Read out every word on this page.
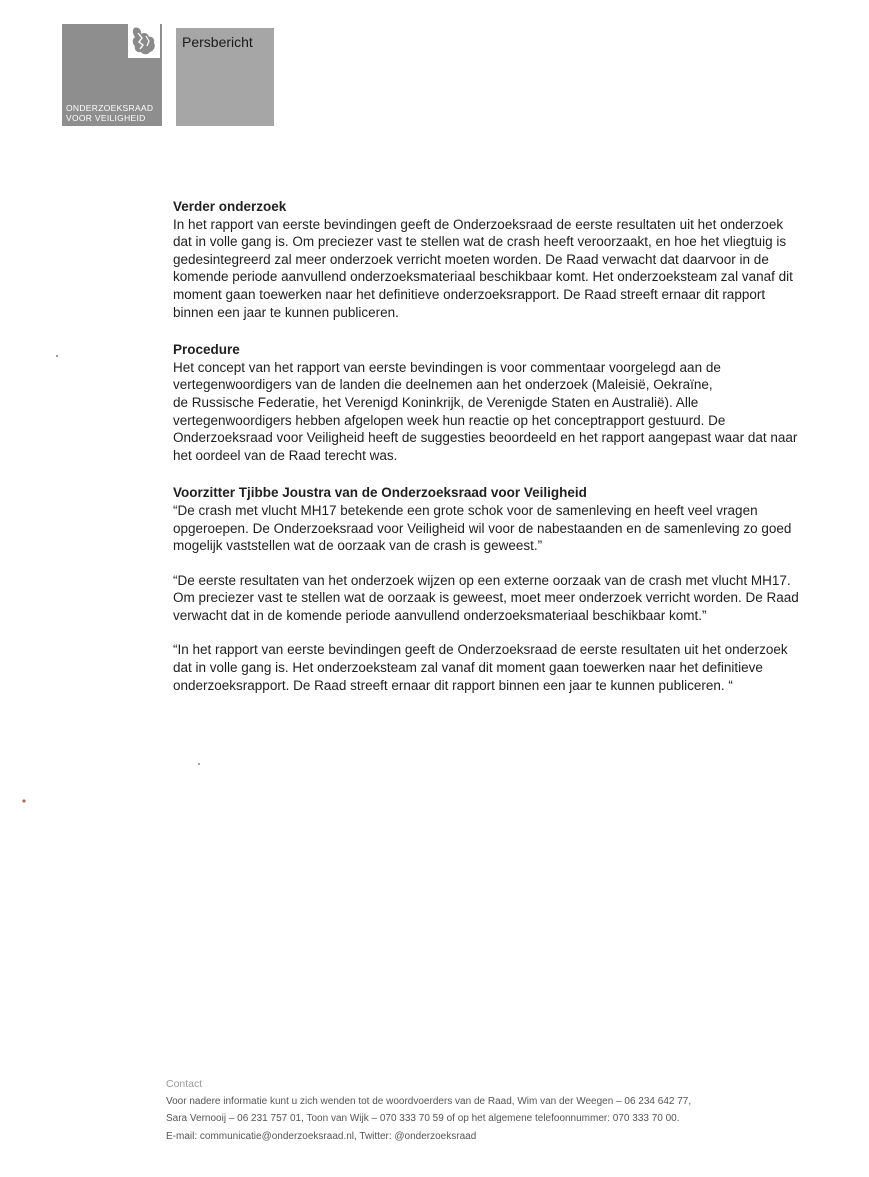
ONDERZOEKSRAAD
VOOR VEILIGHEID
Persbericht
Verder onderzoek

In het rapport van eerste bevindingen geeft de Onderzoeksraad de eerste resultaten uit het onderzoek dat in volle gang is. Om preciezer vast te stellen wat de crash heeft veroorzaakt, en hoe het vliegtuig is gedesintegreerd zal meer onderzoek verricht moeten worden. De Raad verwacht dat daarvoor in de komende periode aanvullend onderzoeksmateriaal beschikbaar komt. Het onderzoeksteam zal vanaf dit moment gaan toewerken naar het definitieve onderzoeksrapport. De Raad streeft ernaar dit rapport binnen een jaar te kunnen publiceren.

Procedure

Het concept van het rapport van eerste bevindingen is voor commentaar voorgelegd aan de vertegenwoordigers van de landen die deelnemen aan het onderzoek (Maleisië, Oekraïne,
de Russische Federatie, het Verenigd Koninkrijk, de Verenigde Staten en Australië). Alle vertegenwoordigers hebben afgelopen week hun reactie op het conceptrapport gestuurd. De Onderzoeksraad voor Veiligheid heeft de suggesties beoordeeld en het rapport aangepast waar dat naar het oordeel van de Raad terecht was.

Voorzitter Tjibbe Joustra van de Onderzoeksraad voor Veiligheid

“De crash met vlucht MH17 betekende een grote schok voor de samenleving en heeft veel vragen opgeroepen. De Onderzoeksraad voor Veiligheid wil voor de nabestaanden en de samenleving zo goed mogelijk vaststellen wat de oorzaak van de crash is geweest.”

“De eerste resultaten van het onderzoek wijzen op een externe oorzaak van de crash met vlucht MH17. Om preciezer vast te stellen wat de oorzaak is geweest, moet meer onderzoek verricht worden. De Raad verwacht dat in de komende periode aanvullend onderzoeksmateriaal beschikbaar komt.”

“In het rapport van eerste bevindingen geeft de Onderzoeksraad de eerste resultaten uit het onderzoek dat in volle gang is. Het onderzoeksteam zal vanaf dit moment gaan toewerken naar het definitieve onderzoeksrapport. De Raad streeft ernaar dit rapport binnen een jaar te kunnen publiceren. “

Contact
Voor nadere informatie kunt u zich wenden tot de woordvoerders van de Raad, Wim van der Weegen – 06 234 642 77,
Sara Vernooij – 06 231 757 01, Toon van Wijk – 070 333 70 59 of op het algemene telefoonnummer: 070 333 70 00.
E-mail: communicatie@onderzoeksraad.nl, Twitter: @onderzoeksraad
